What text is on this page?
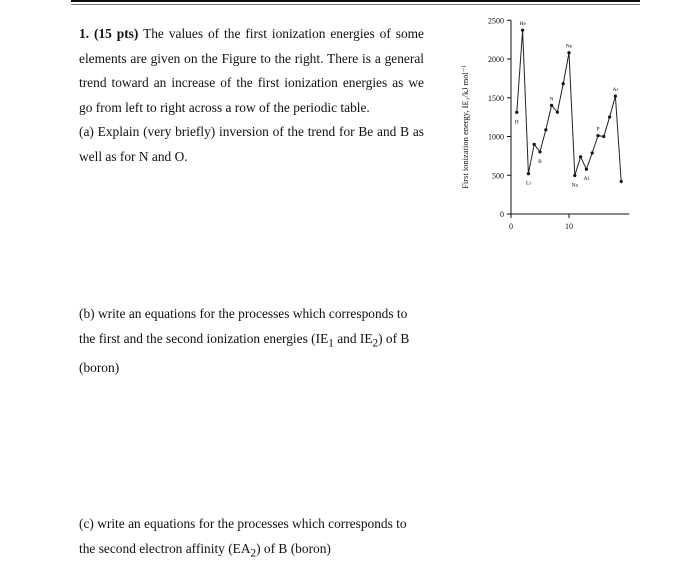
1. (15 pts) The values of the first ionization energies of some elements are given on the Figure to the right. There is a general trend toward an increase of the first ionization energies as we go from left to right across a row of the periodic table.

(a) Explain (very briefly) inversion of the trend for Be and B as well as for N and O.

(b) write an equations for the processes which corresponds to the first and the second ionization energies ($IE_1$ and $IE_2$) of B (boron)

(c) write an equations for the processes which corresponds to the second electron affinity $(EA_2)$ of B (boron)

0
500
1000
1500
2000
2500
0	10
H
He
Li
B
N
Ne
Na
Al
P
Ar
First ionization energy, IE₁/kJ mol⁻¹
